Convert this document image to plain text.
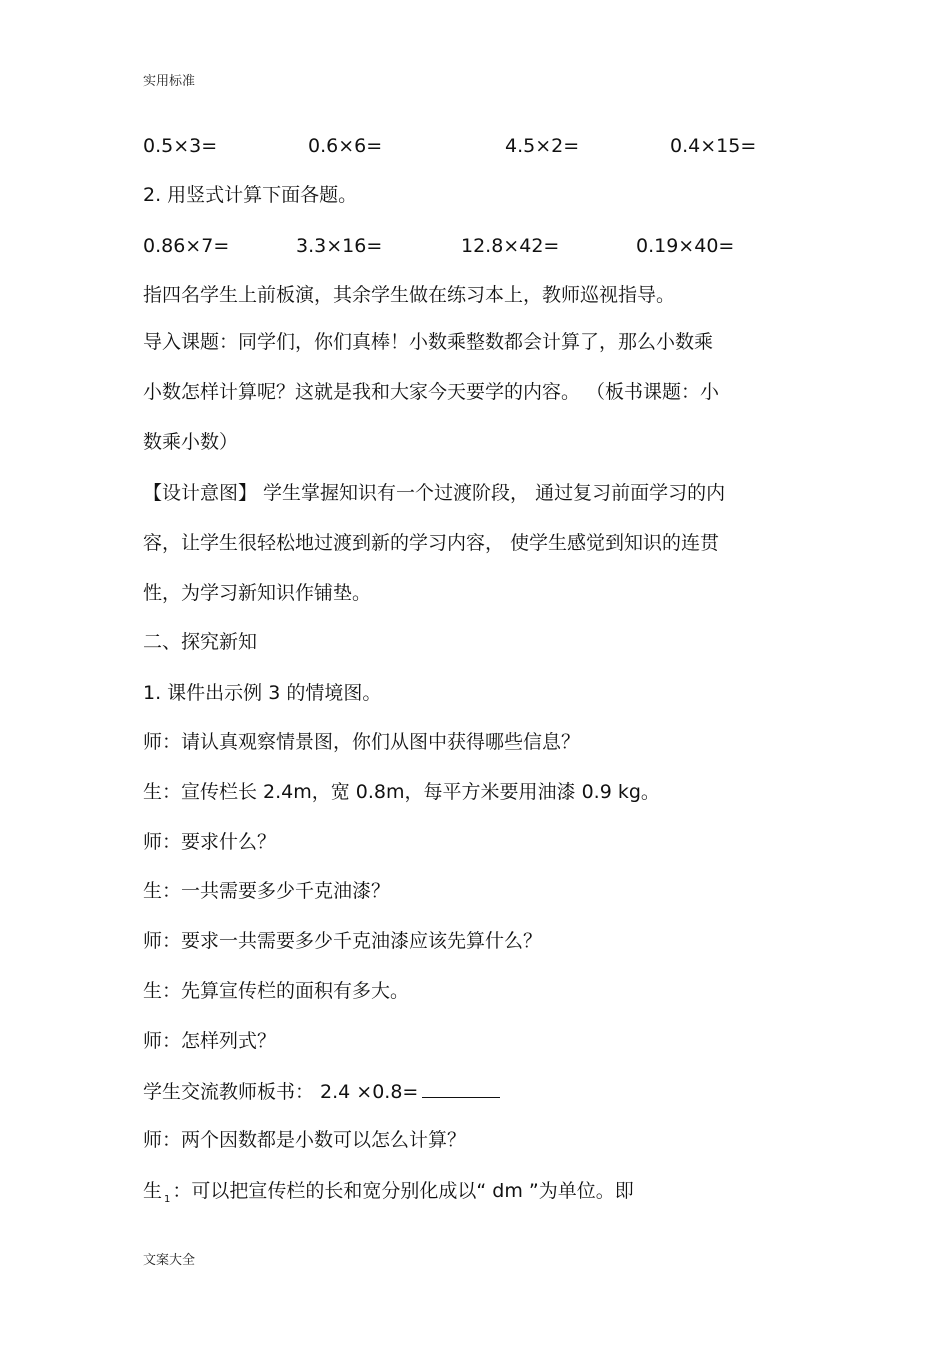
实用标准
0.5×3=	0.6×6=	4.5×2=	0.4×15=
2. 用竖式计算下面各题。
0.86×7=	3.3×16=	12.8×42=	0.19×40=
指四名学生上前板演，其余学生做在练习本上，教师巡视指导。
导入课题：同学们，你们真棒！小数乘整数都会计算了，那么小数乘
小数怎样计算呢？这就是我和大家今天要学的内容。 （板书课题：小
数乘小数）
【设计意图】 学生掌握知识有一个过渡阶段， 通过复习前面学习的内
容，让学生很轻松地过渡到新的学习内容， 使学生感觉到知识的连贯
性，为学习新知识作铺垫。
二、探究新知
1. 课件出示例 3 的情境图。
师：请认真观察情景图，你们从图中获得哪些信息？
生：宣传栏长 2.4m，宽 0.8m，每平方米要用油漆 0.9 kg。
师：要求什么？
生：一共需要多少千克油漆？
师：要求一共需要多少千克油漆应该先算什么？
生：先算宣传栏的面积有多大。
师：怎样列式？
学生交流教师板书： 2.4 ×0.8=
师：两个因数都是小数可以怎么计算？
生 $_1$ ：可以把宣传栏的长和宽分别化成以“ dm ”为单位。即
文案大全
